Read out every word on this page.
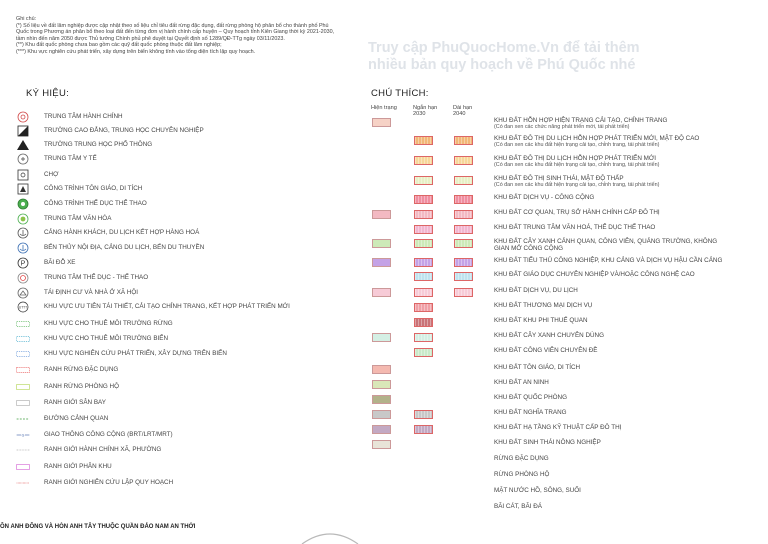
Ghi chú:
(*) Số liệu về đất lâm nghiệp được cập nhật theo số liệu chỉ tiêu đất rừng đặc dụng, đất rừng phòng hộ phân bổ cho thành phố Phú Quốc trong Phương án phân bổ theo loại đất đến từng đơn vị hành chính cấp huyện – Quy hoạch tỉnh Kiên Giang thời kỳ 2021-2030, tầm nhìn đến năm 2050 được Thủ tướng Chính phủ phê duyệt tại Quyết định số 1289/QĐ-TTg ngày 03/11/2023.
(**) Khu đất quốc phòng chưa bao gồm các quỹ đất quốc phòng thuộc đất lâm nghiệp;
(***) Khu vực nghiên cứu phát triển, xây dựng trên biển không tính vào tổng diện tích lập quy hoạch.	Truy cập PhuQuocHome.Vn để tải thêm nhiều bản quy hoạch về Phú Quốc nhé
KÝ HIỆU:	CHÚ THÍCH:
Hiện trạng	Ngắn hạn 2030
Dài hạn 2040
TRUNG TÂM HÀNH CHÍNH
TRƯỜNG CAO ĐẲNG, TRUNG HỌC CHUYÊN NGHIỆP
TRƯỜNG TRUNG HỌC PHỔ THÔNG
TRUNG TÂM Y TẾ
CHỢ
CÔNG TRÌNH TÔN GIÁO, DI TÍCH
CÔNG TRÌNH THỂ DỤC THỂ THAO
TRUNG TÂM VĂN HÓA
CẢNG HÀNH KHÁCH, DU LỊCH KẾT HỢP HÀNG HOÁ
BẾN THỦY NỘI ĐỊA, CẢNG DU LỊCH, BẾN DU THUYỀN
P	BÃI ĐỖ XE
TRUNG TÂM THỂ DỤC - THỂ THAO
TÁI ĐỊNH CƯ VÀ NHÀ Ở XÃ HỘI
UTTT	KHU VỰC ƯU TIÊN TÁI THIẾT, CẢI TẠO CHỈNH TRANG, KẾT HỢP PHÁT TRIỂN MỚI
KHU VỰC CHO THUÊ MÔI TRƯỜNG RỪNG
KHU VỰC CHO THUÊ MÔI TRƯỜNG BIỂN
KHU VỰC NGHIÊN CỨU PHÁT TRIỂN, XÂY DỰNG TRÊN BIỂN
RANH RỪNG ĐẶC DỤNG
RANH RỪNG PHÒNG HỘ
RANH GIỚI SÂN BAY
ĐƯỜNG CẢNH QUAN
G	GIAO THÔNG CÔNG CỘNG (BRT/LRT/MRT)
RANH GIỚI HÀNH CHÍNH XÃ, PHƯỜNG
RANH GIỚI PHÂN KHU
RANH GIỚI NGHIÊN CỨU LẬP QUY HOẠCH
KHU ĐẤT HỖN HỢP HIỆN TRẠNG CẢI TẠO, CHỈNH TRANG
(Có đan xen các chức năng phát triển mới, tái phát triển)
KHU ĐẤT ĐÔ THỊ DU LỊCH HỖN HỢP PHÁT TRIỂN MỚI, MẬT ĐỘ CAO
(Có đan xen các khu đất hiện trạng cải tạo, chỉnh trang, tái phát triển)
KHU ĐẤT ĐÔ THỊ DU LỊCH HỖN HỢP PHÁT TRIỂN MỚI
(Có đan xen các khu đất hiện trạng cải tạo, chỉnh trang, tái phát triển)
KHU ĐẤT ĐÔ THỊ SINH THÁI, MẬT ĐỘ THẤP
(Có đan xen các khu đất hiện trạng cải tạo, chỉnh trang, tái phát triển)
KHU ĐẤT DỊCH VỤ - CÔNG CỘNG
KHU ĐẤT CƠ QUAN, TRỤ SỞ HÀNH CHÍNH CẤP ĐÔ THỊ
KHU ĐẤT TRUNG TÂM VĂN HOÁ, THỂ DỤC THỂ THAO
KHU ĐẤT CÂY XANH CẢNH QUAN, CÔNG VIÊN, QUẢNG TRƯỜNG, KHÔNG GIAN MỞ CÔNG CỘNG
KHU ĐẤT TIỂU THỦ CÔNG NGHIỆP, KHU CẢNG VÀ DỊCH VỤ HẬU CẦN CẢNG
KHU ĐẤT GIÁO DỤC CHUYÊN NGHIỆP VÀ/HOẶC CÔNG NGHỆ CAO
KHU ĐẤT DỊCH VỤ, DU LỊCH
KHU ĐẤT THƯƠNG MẠI DỊCH VỤ
KHU ĐẤT KHU PHI THUẾ QUAN
KHU ĐẤT CÂY XANH CHUYÊN DÙNG
KHU ĐẤT CÔNG VIÊN CHUYÊN ĐỀ
KHU ĐẤT TÔN GIÁO, DI TÍCH
KHU ĐẤT AN NINH
KHU ĐẤT QUỐC PHÒNG
KHU ĐẤT NGHĨA TRANG
KHU ĐẤT HẠ TẦNG KỸ THUẬT CẤP ĐÔ THỊ
KHU ĐẤT SINH THÁI NÔNG NGHIỆP
RỪNG ĐẶC DỤNG
RỪNG PHÒNG HỘ
MẶT NƯỚC HỒ, SÔNG, SUỐI
BÃI CÁT, BÃI ĐÁ
ÔN ANH ĐÔNG VÀ HÒN ANH TÂY THUỘC QUẦN ĐẢO NAM AN THỚI
